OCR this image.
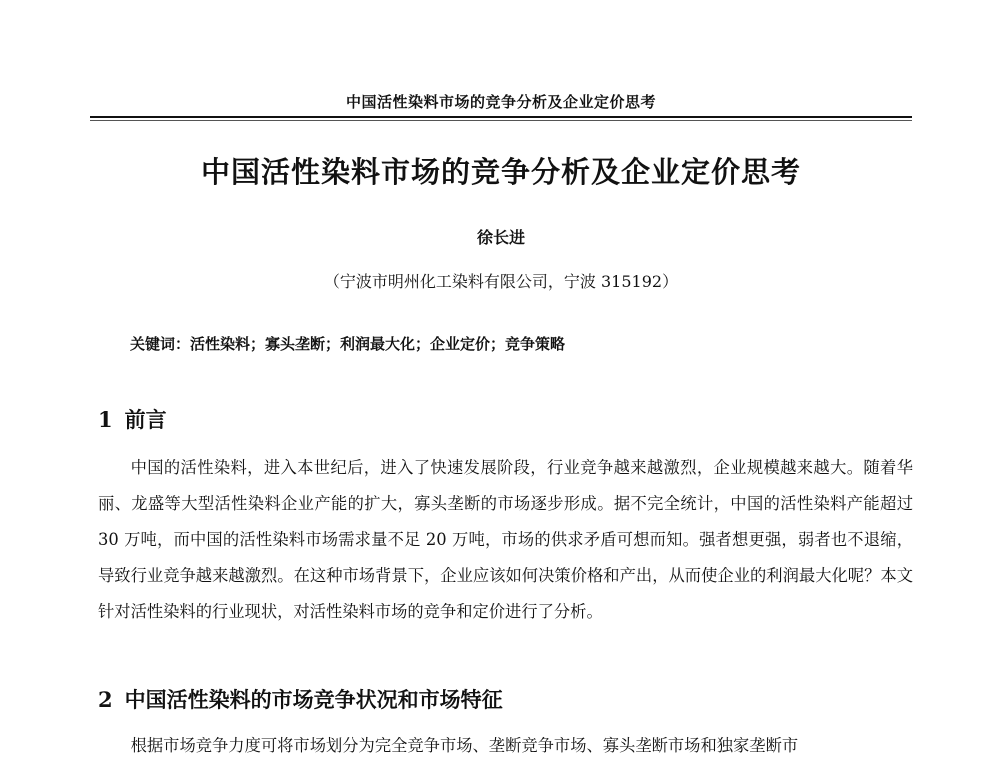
中国活性染料市场的竞争分析及企业定价思考
中国活性染料市场的竞争分析及企业定价思考
徐长进
（宁波市明州化工染料有限公司，宁波 315192）
关键词：活性染料；寡头垄断；利润最大化；企业定价；竞争策略
1 前言

中国的活性染料，进入本世纪后，进入了快速发展阶段，行业竞争越来越激烈，企业规模越来越大。随着华丽、龙盛等大型活性染料企业产能的扩大，寡头垄断的市场逐步形成。据不完全统计，中国的活性染料产能超过 30 万吨，而中国的活性染料市场需求量不足 20 万吨，市场的供求矛盾可想而知。强者想更强，弱者也不退缩，导致行业竞争越来越激烈。在这种市场背景下，企业应该如何决策价格和产出，从而使企业的利润最大化呢？本文针对活性染料的行业现状，对活性染料市场的竞争和定价进行了分析。

2 中国活性染料的市场竞争状况和市场特征

根据市场竞争力度可将市场划分为完全竞争市场、垄断竞争市场、寡头垄断市场和独家垄断市
